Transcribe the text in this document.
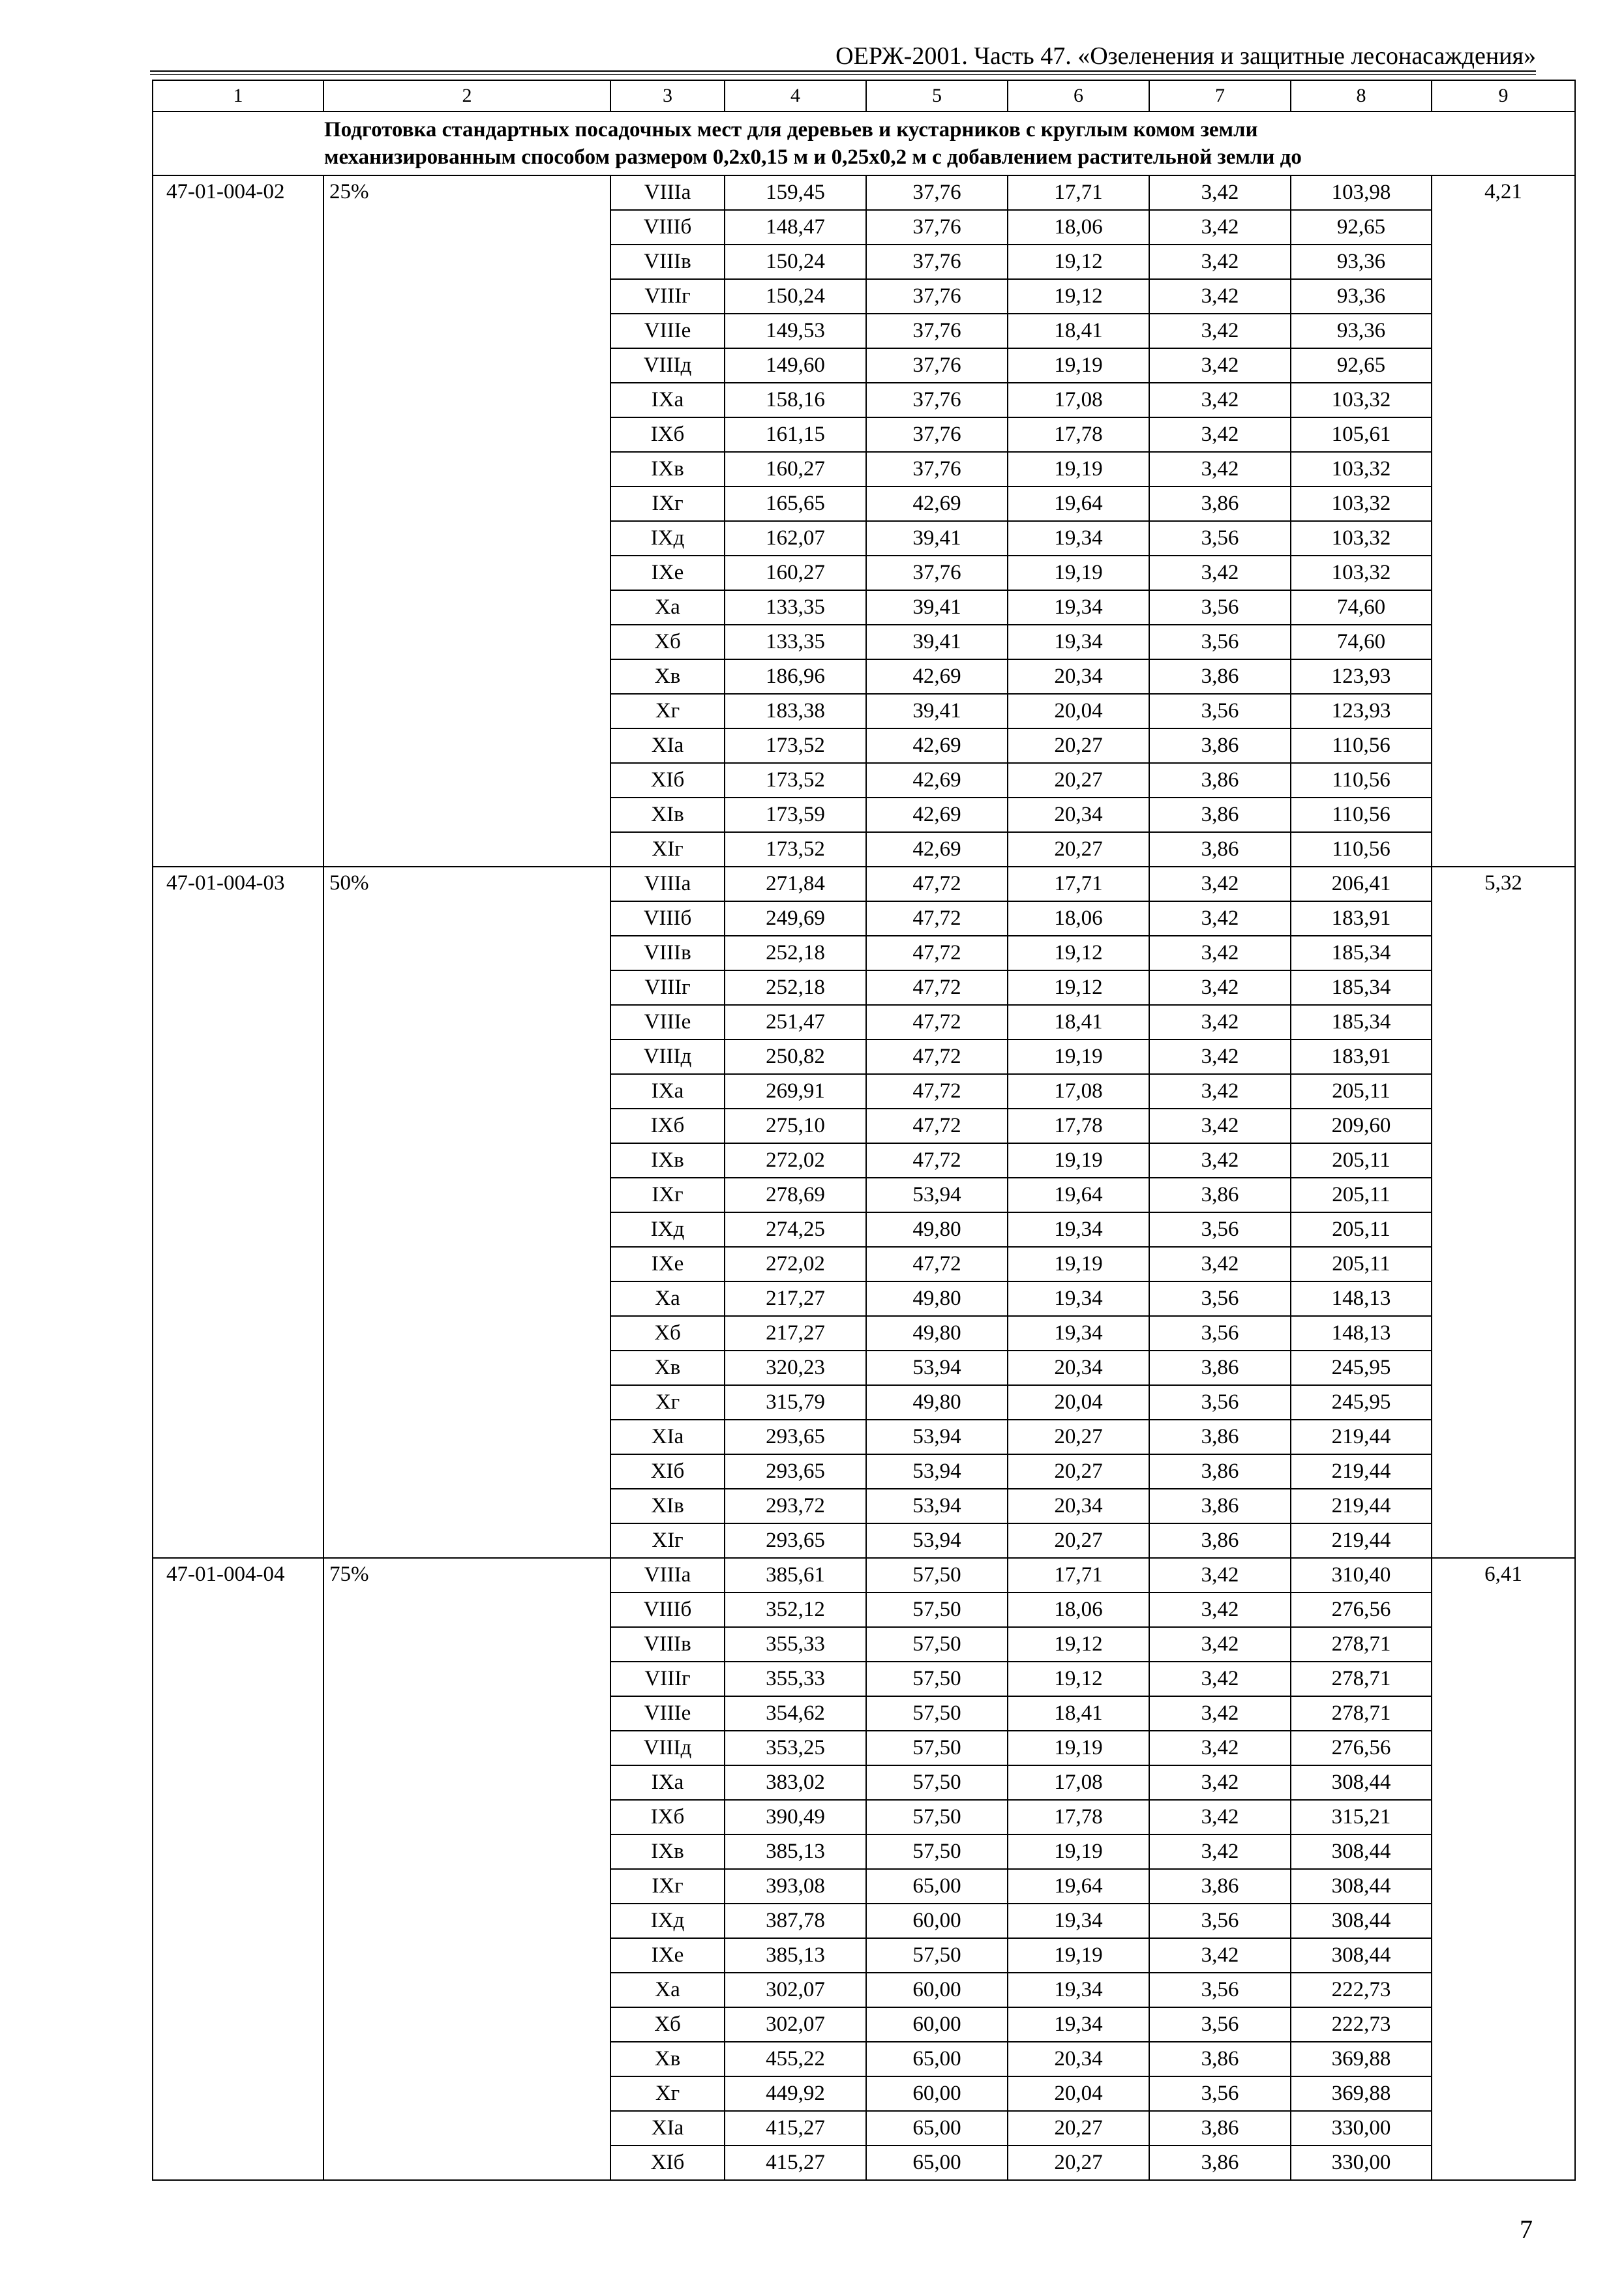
ОЕРЖ-2001. Часть 47. «Озеленения и защитные лесонасаждения»
1	2	3	4	5	6	7	8	9

Подготовка стандартных посадочных мест для деревьев и кустарников с круглым комом земли
механизированным способом размером 0,2х0,15 м и 0,25х0,2 м с добавлением растительной земли до								

47-01-004-02	25%	VIIIа	159,45	37,76	17,71	3,42	103,98	4,21
		VIIIб	148,47	37,76	18,06	3,42	92,65	
		VIIIв	150,24	37,76	19,12	3,42	93,36	
		VIIIг	150,24	37,76	19,12	3,42	93,36	
		VIIIе	149,53	37,76	18,41	3,42	93,36	
		VIIIд	149,60	37,76	19,19	3,42	92,65	
		IXа	158,16	37,76	17,08	3,42	103,32	
		IXб	161,15	37,76	17,78	3,42	105,61	
		IXв	160,27	37,76	19,19	3,42	103,32	
		IXг	165,65	42,69	19,64	3,86	103,32	
		IXд	162,07	39,41	19,34	3,56	103,32	
		IXе	160,27	37,76	19,19	3,42	103,32	
		Xа	133,35	39,41	19,34	3,56	74,60	
		Xб	133,35	39,41	19,34	3,56	74,60	
		Xв	186,96	42,69	20,34	3,86	123,93	
		Xг	183,38	39,41	20,04	3,56	123,93	
		XIа	173,52	42,69	20,27	3,86	110,56	
		XIб	173,52	42,69	20,27	3,86	110,56	
		XIв	173,59	42,69	20,34	3,86	110,56	
		XIг	173,52	42,69	20,27	3,86	110,56	
47-01-004-03	50%	VIIIа	271,84	47,72	17,71	3,42	206,41	5,32
		VIIIб	249,69	47,72	18,06	3,42	183,91	
		VIIIв	252,18	47,72	19,12	3,42	185,34	
		VIIIг	252,18	47,72	19,12	3,42	185,34	
		VIIIе	251,47	47,72	18,41	3,42	185,34	
		VIIIд	250,82	47,72	19,19	3,42	183,91	
		IXа	269,91	47,72	17,08	3,42	205,11	
		IXб	275,10	47,72	17,78	3,42	209,60	
		IXв	272,02	47,72	19,19	3,42	205,11	
		IXг	278,69	53,94	19,64	3,86	205,11	
		IXд	274,25	49,80	19,34	3,56	205,11	
		IXе	272,02	47,72	19,19	3,42	205,11	
		Xа	217,27	49,80	19,34	3,56	148,13	
		Xб	217,27	49,80	19,34	3,56	148,13	
		Xв	320,23	53,94	20,34	3,86	245,95	
		Xг	315,79	49,80	20,04	3,56	245,95	
		XIа	293,65	53,94	20,27	3,86	219,44	
		XIб	293,65	53,94	20,27	3,86	219,44	
		XIв	293,72	53,94	20,34	3,86	219,44	
		XIг	293,65	53,94	20,27	3,86	219,44	
47-01-004-04	75%	VIIIа	385,61	57,50	17,71	3,42	310,40	6,41
		VIIIб	352,12	57,50	18,06	3,42	276,56	
		VIIIв	355,33	57,50	19,12	3,42	278,71	
		VIIIг	355,33	57,50	19,12	3,42	278,71	
		VIIIе	354,62	57,50	18,41	3,42	278,71	
		VIIIд	353,25	57,50	19,19	3,42	276,56	
		IXа	383,02	57,50	17,08	3,42	308,44	
		IXб	390,49	57,50	17,78	3,42	315,21	
		IXв	385,13	57,50	19,19	3,42	308,44	
		IXг	393,08	65,00	19,64	3,86	308,44	
		IXд	387,78	60,00	19,34	3,56	308,44	
		IXе	385,13	57,50	19,19	3,42	308,44	
		Xа	302,07	60,00	19,34	3,56	222,73	
		Xб	302,07	60,00	19,34	3,56	222,73	
		Xв	455,22	65,00	20,34	3,86	369,88	
		Xг	449,92	60,00	20,04	3,56	369,88	
		XIа	415,27	65,00	20,27	3,86	330,00	
		XIб	415,27	65,00	20,27	3,86	330,00	
7
